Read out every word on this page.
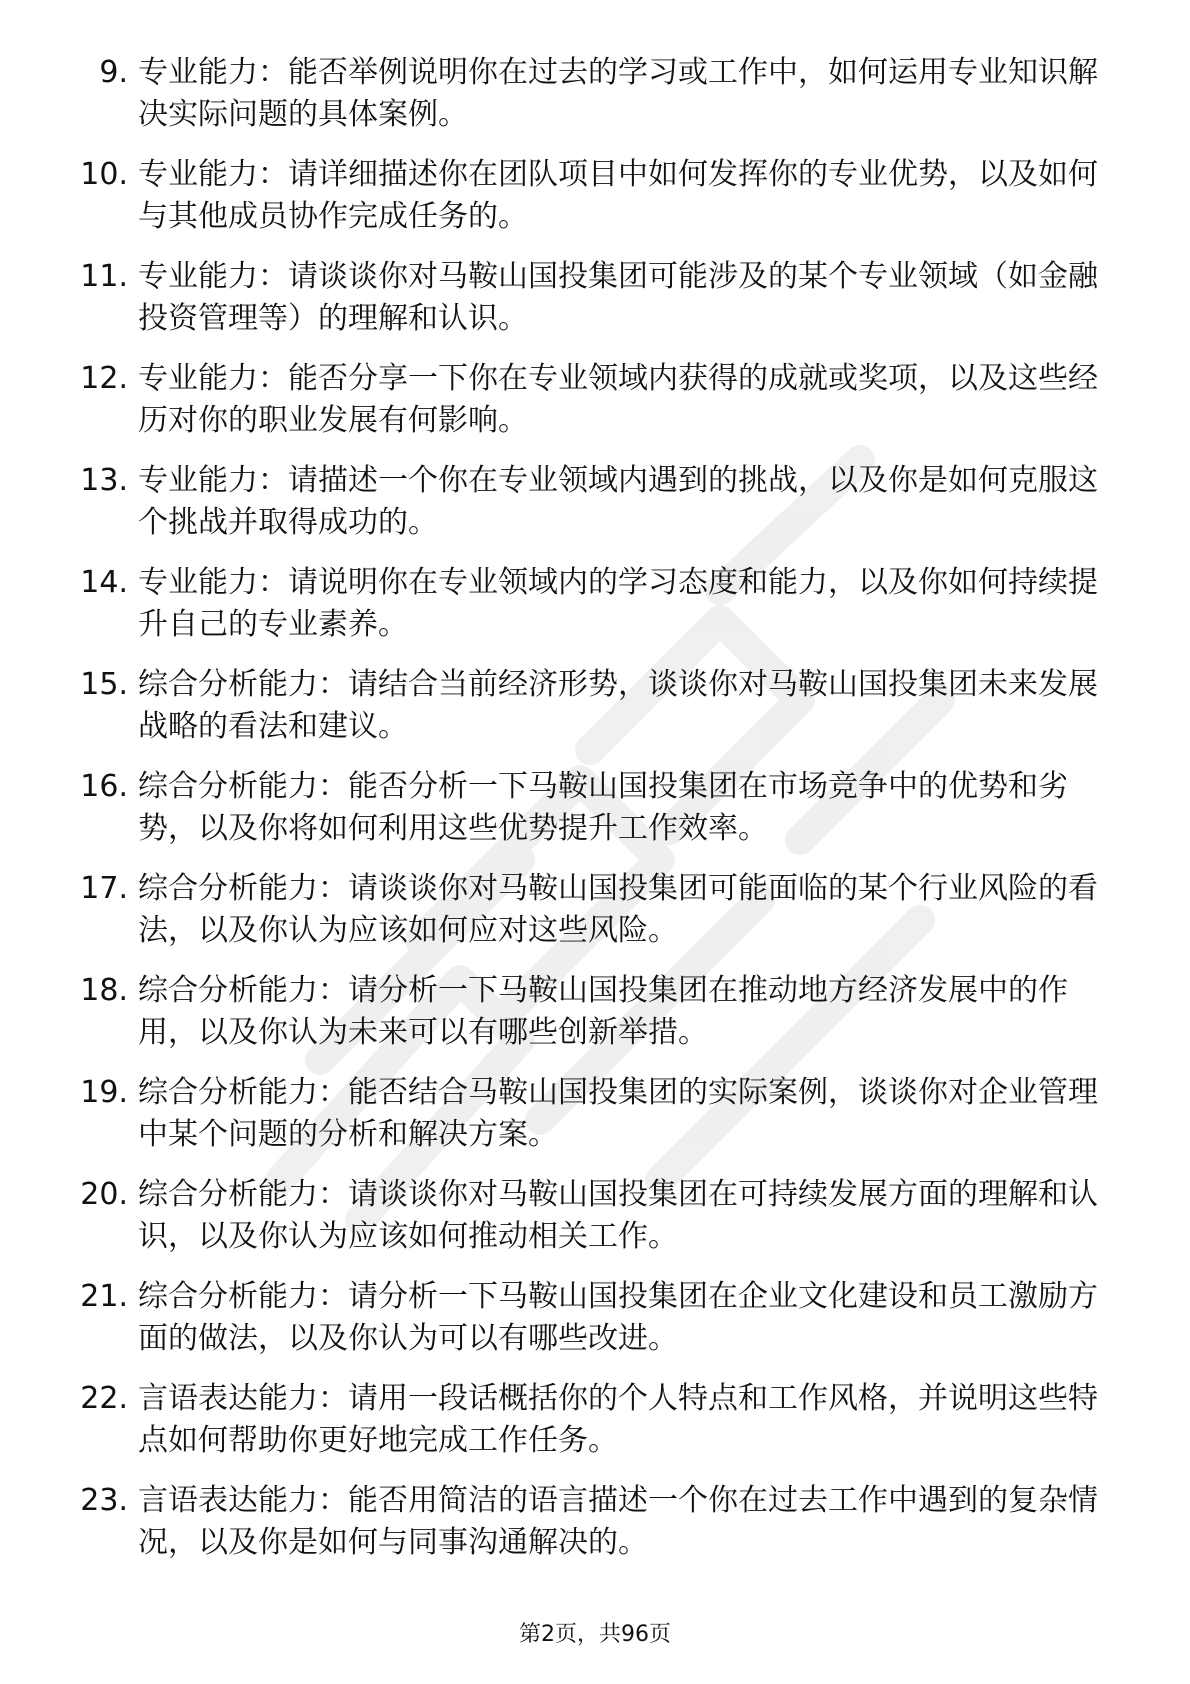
9. 专业能力：能否举例说明你在过去的学习或工作中，如何运用专业知识解决实际问题的具体案例。
10. 专业能力：请详细描述你在团队项目中如何发挥你的专业优势，以及如何与其他成员协作完成任务的。
11. 专业能力：请谈谈你对马鞍山国投集团可能涉及的某个专业领域（如金融投资管理等）的理解和认识。
12. 专业能力：能否分享一下你在专业领域内获得的成就或奖项，以及这些经历对你的职业发展有何影响。
13. 专业能力：请描述一个你在专业领域内遇到的挑战，以及你是如何克服这个挑战并取得成功的。
14. 专业能力：请说明你在专业领域内的学习态度和能力，以及你如何持续提升自己的专业素养。
15. 综合分析能力：请结合当前经济形势，谈谈你对马鞍山国投集团未来发展战略的看法和建议。
16. 综合分析能力：能否分析一下马鞍山国投集团在市场竞争中的优势和劣势，以及你将如何利用这些优势提升工作效率。
17. 综合分析能力：请谈谈你对马鞍山国投集团可能面临的某个行业风险的看法，以及你认为应该如何应对这些风险。
18. 综合分析能力：请分析一下马鞍山国投集团在推动地方经济发展中的作用，以及你认为未来可以有哪些创新举措。
19. 综合分析能力：能否结合马鞍山国投集团的实际案例，谈谈你对企业管理中某个问题的分析和解决方案。
20. 综合分析能力：请谈谈你对马鞍山国投集团在可持续发展方面的理解和认识，以及你认为应该如何推动相关工作。
21. 综合分析能力：请分析一下马鞍山国投集团在企业文化建设和员工激励方面的做法，以及你认为可以有哪些改进。
22. 言语表达能力：请用一段话概括你的个人特点和工作风格，并说明这些特点如何帮助你更好地完成工作任务。
23. 言语表达能力：能否用简洁的语言描述一个你在过去工作中遇到的复杂情况，以及你是如何与同事沟通解决的。
第2页，共96页
